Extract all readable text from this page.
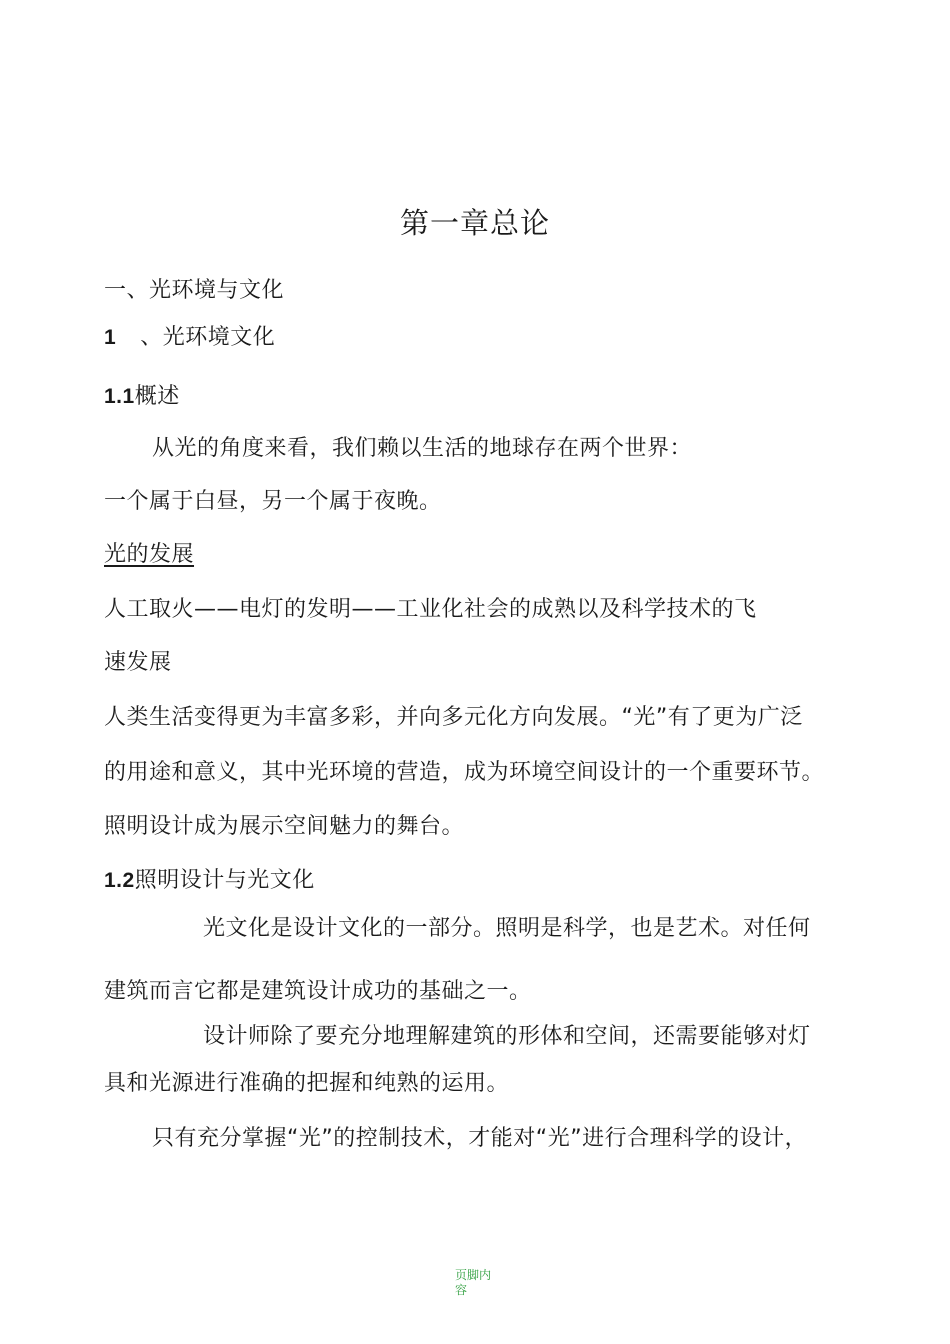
第一章总论
一、光环境与文化
1 、光环境文化
1.1概述
从光的角度来看，我们赖以生活的地球存在两个世界：
一个属于白昼，另一个属于夜晚。
光的发展
人工取火——电灯的发明——工业化社会的成熟以及科学技术的飞
速发展
人类生活变得更为丰富多彩，并向多元化方向发展。“光”有了更为广泛
的用途和意义，其中光环境的营造，成为环境空间设计的一个重要环节。
照明设计成为展示空间魅力的舞台。
1.2照明设计与光文化
光文化是设计文化的一部分。照明是科学，也是艺术。对任何
建筑而言它都是建筑设计成功的基础之一。
设计师除了要充分地理解建筑的形体和空间，还需要能够对灯
具和光源进行准确的把握和纯熟的运用。
只有充分掌握“光”的控制技术，才能对“光”进行合理科学的设计，
页脚内容
